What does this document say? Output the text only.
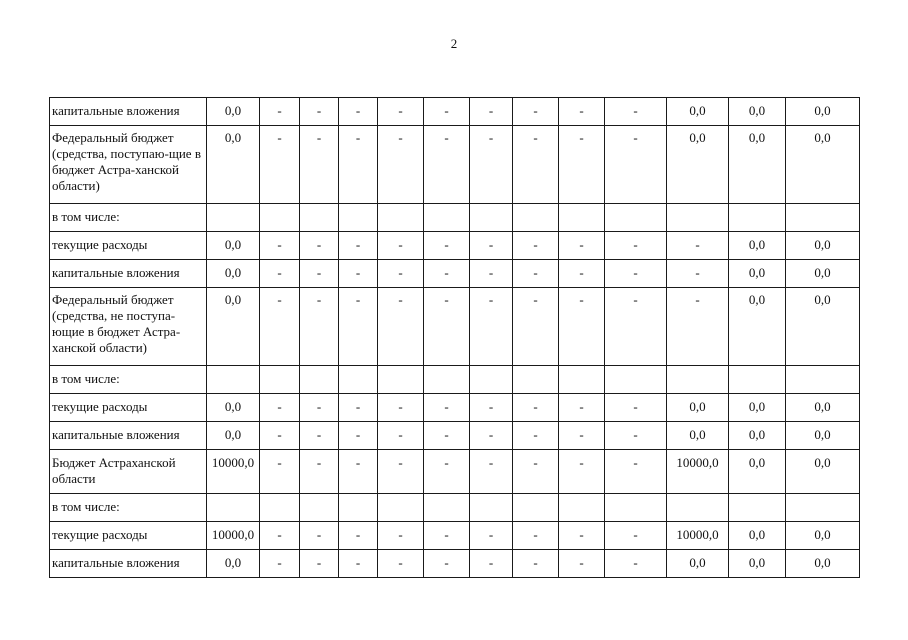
2
капитальные вложения	0,0	-	-	-	-	-	-	-	-	-	0,0	0,0	0,0	
Федеральный бюджет (средства, поступаю-щие в бюджет Астра-ханской области)	0,0	-	-	-	-	-	-	-	-	-	0,0	0,0	0,0	
в том числе:														
текущие расходы	0,0	-	-	-	-	-	-	-	-	-	-	0,0	0,0	
капитальные вложения	0,0	-	-	-	-	-	-	-	-	-	-	0,0	0,0	
Федеральный бюджет (средства, не поступа-ющие в бюджет Астра-ханской области)	0,0	-	-	-	-	-	-	-	-	-	-	0,0	0,0	
в том числе:														
текущие расходы	0,0	-	-	-	-	-	-	-	-	-	0,0	0,0	0,0	
капитальные вложения	0,0	-	-	-	-	-	-	-	-	-	0,0	0,0	0,0	
Бюджет Астраханской области	10000,0	-	-	-	-	-	-	-	-	-	10000,0	0,0	0,0	
в том числе:														
текущие расходы	10000,0	-	-	-	-	-	-	-	-	-	10000,0	0,0	0,0	
капитальные вложения	0,0	-	-	-	-	-	-	-	-	-	0,0	0,0	0,0	
